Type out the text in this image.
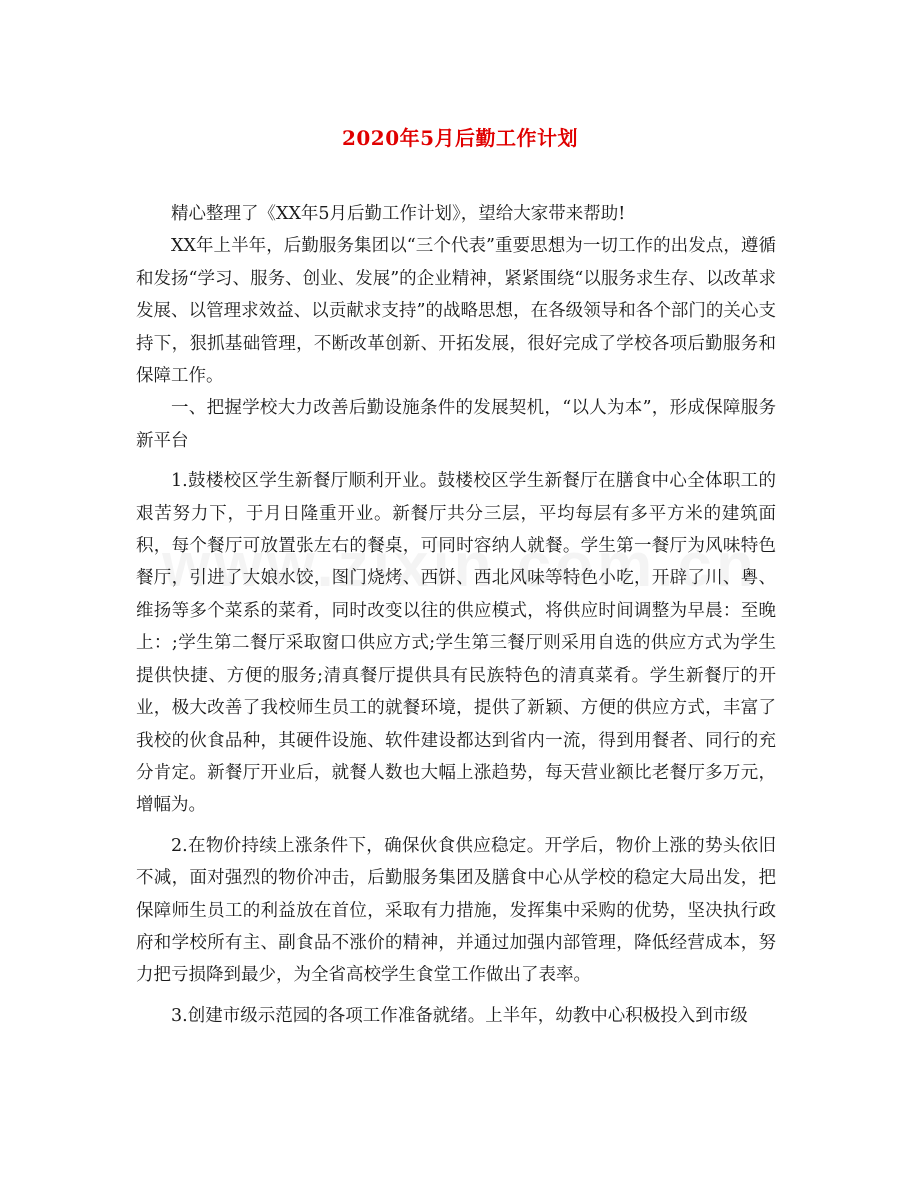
2020年5月后勤工作计划

精心整理了《XX年5月后勤工作计划》，望给大家带来帮助!

XX年上半年，后勤服务集团以“三个代表”重要思想为一切工作的出发点，遵循和发扬“学习、服务、创业、发展”的企业精神，紧紧围绕“以服务求生存、以改革求发展、以管理求效益、以贡献求支持”的战略思想，在各级领导和各个部门的关心支持下，狠抓基础管理，不断改革创新、开拓发展，很好完成了学校各项后勤服务和保障工作。

一、把握学校大力改善后勤设施条件的发展契机，“以人为本”，形成保障服务新平台

1.鼓楼校区学生新餐厅顺利开业。鼓楼校区学生新餐厅在膳食中心全体职工的艰苦努力下，于月日隆重开业。新餐厅共分三层，平均每层有多平方米的建筑面积，每个餐厅可放置张左右的餐桌，可同时容纳人就餐。学生第一餐厅为风味特色餐厅，引进了大娘水饺，图门烧烤、西饼、西北风味等特色小吃，开辟了川、粤、维扬等多个菜系的菜肴，同时改变以往的供应模式，将供应时间调整为早晨：至晚上：;学生第二餐厅采取窗口供应方式;学生第三餐厅则采用自选的供应方式为学生提供快捷、方便的服务;清真餐厅提供具有民族特色的清真菜肴。学生新餐厅的开业，极大改善了我校师生员工的就餐环境，提供了新颖、方便的供应方式，丰富了我校的伙食品种，其硬件设施、软件建设都达到省内一流，得到用餐者、同行的充分肯定。新餐厅开业后，就餐人数也大幅上涨趋势，每天营业额比老餐厅多万元，增幅为。

2.在物价持续上涨条件下，确保伙食供应稳定。开学后，物价上涨的势头依旧不减，面对强烈的物价冲击，后勤服务集团及膳食中心从学校的稳定大局出发，把保障师生员工的利益放在首位，采取有力措施，发挥集中采购的优势，坚决执行政府和学校所有主、副食品不涨价的精神，并通过加强内部管理，降低经营成本，努力把亏损降到最少，为全省高校学生食堂工作做出了表率。

3.创建市级示范园的各项工作准备就绪。上半年，幼教中心积极投入到市级
